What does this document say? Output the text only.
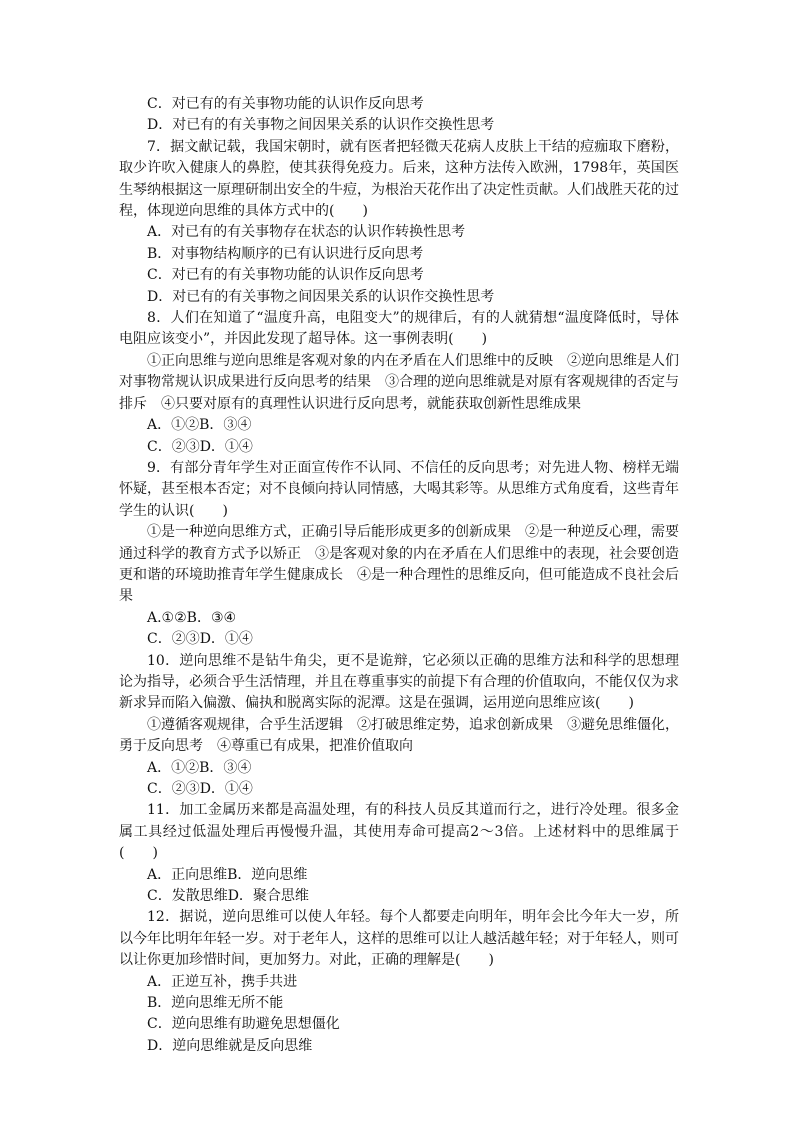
C．对已有的有关事物功能的认识作反向思考
D．对已有的有关事物之间因果关系的认识作交换性思考
7．据文献记载，我国宋朝时，就有医者把轻微天花病人皮肤上干结的痘痂取下磨粉，取少许吹入健康人的鼻腔，使其获得免疫力。后来，这种方法传入欧洲，1798年，英国医生琴纳根据这一原理研制出安全的牛痘，为根治天花作出了决定性贡献。人们战胜天花的过程，体现逆向思维的具体方式中的(　　)
A．对已有的有关事物存在状态的认识作转换性思考
B．对事物结构顺序的已有认识进行反向思考
C．对已有的有关事物功能的认识作反向思考
D．对已有的有关事物之间因果关系的认识作交换性思考
8．人们在知道了“温度升高，电阻变大”的规律后，有的人就猜想“温度降低时，导体电阻应该变小”，并因此发现了超导体。这一事例表明(　　)
①正向思维与逆向思维是客观对象的内在矛盾在人们思维中的反映　②逆向思维是人们对事物常规认识成果进行反向思考的结果　③合理的逆向思维就是对原有客观规律的否定与排斥　④只要对原有的真理性认识进行反向思考，就能获取创新性思维成果
A．①②B．③④
C．②③D．①④
9．有部分青年学生对正面宣传作不认同、不信任的反向思考；对先进人物、榜样无端怀疑，甚至根本否定；对不良倾向持认同情感，大喝其彩等。从思维方式角度看，这些青年学生的认识(　　)
①是一种逆向思维方式，正确引导后能形成更多的创新成果　②是一种逆反心理，需要通过科学的教育方式予以矫正　③是客观对象的内在矛盾在人们思维中的表现，社会要创造更和谐的环境助推青年学生健康成长　④是一种合理性的思维反向，但可能造成不良社会后果
A.①②B．③④
C．②③D．①④
10．逆向思维不是钻牛角尖，更不是诡辩，它必须以正确的思维方法和科学的思想理论为指导，必须合乎生活情理，并且在尊重事实的前提下有合理的价值取向，不能仅仅为求新求异而陷入偏激、偏执和脱离实际的泥潭。这是在强调，运用逆向思维应该(　　)
①遵循客观规律，合乎生活逻辑　②打破思维定势，追求创新成果　③避免思维僵化，勇于反向思考　④尊重已有成果，把准价值取向
A．①②B．③④
C．②③D．①④
11．加工金属历来都是高温处理，有的科技人员反其道而行之，进行冷处理。很多金属工具经过低温处理后再慢慢升温，其使用寿命可提高2～3倍。上述材料中的思维属于(　　)
A．正向思维B．逆向思维
C．发散思维D．聚合思维
12．据说，逆向思维可以使人年轻。每个人都要走向明年，明年会比今年大一岁，所以今年比明年年轻一岁。对于老年人，这样的思维可以让人越活越年轻；对于年轻人，则可以让你更加珍惜时间，更加努力。对此，正确的理解是(　　)
A．正逆互补，携手共进
B．逆向思维无所不能
C．逆向思维有助避免思想僵化
D．逆向思维就是反向思维
